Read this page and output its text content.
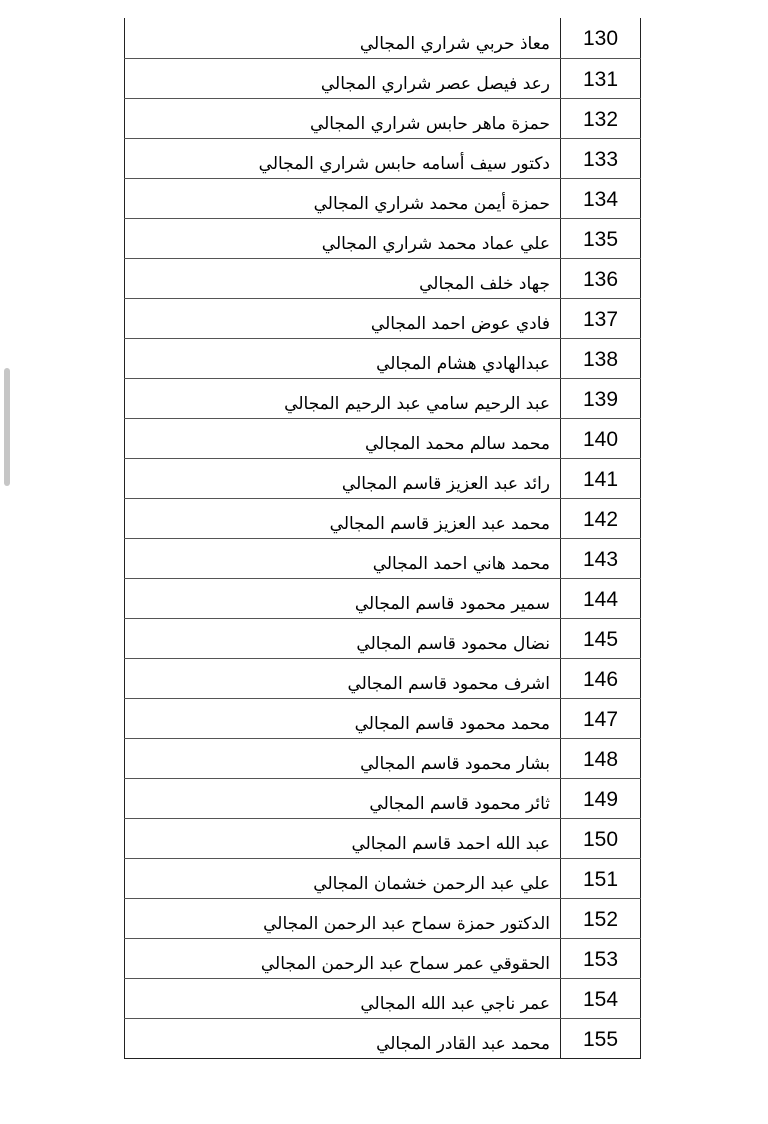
معاذ حربي شراري المجالي	130
رعد فيصل عصر شراري المجالي	131
حمزة ماهر حابس شراري المجالي	132
دكتور سيف أسامه حابس شراري المجالي	133
حمزة أيمن محمد شراري المجالي	134
علي عماد محمد شراري المجالي	135
جهاد خلف المجالي	136
فادي عوض احمد المجالي	137
عبدالهادي هشام المجالي	138
عبد الرحيم سامي عبد الرحيم المجالي	139
محمد سالم محمد المجالي	140
رائد عبد العزيز قاسم المجالي	141
محمد عبد العزيز قاسم المجالي	142
محمد هاني احمد المجالي	143
سمير محمود قاسم المجالي	144
نضال محمود قاسم المجالي	145
اشرف محمود قاسم المجالي	146
محمد محمود قاسم المجالي	147
بشار محمود قاسم المجالي	148
ثائر محمود قاسم المجالي	149
عبد الله احمد قاسم المجالي	150
علي عبد الرحمن خشمان المجالي	151
الدكتور حمزة سماح عبد الرحمن المجالي	152
الحقوقي عمر سماح عبد الرحمن المجالي	153
عمر ناجي عبد الله المجالي	154
محمد عبد القادر المجالي	155
